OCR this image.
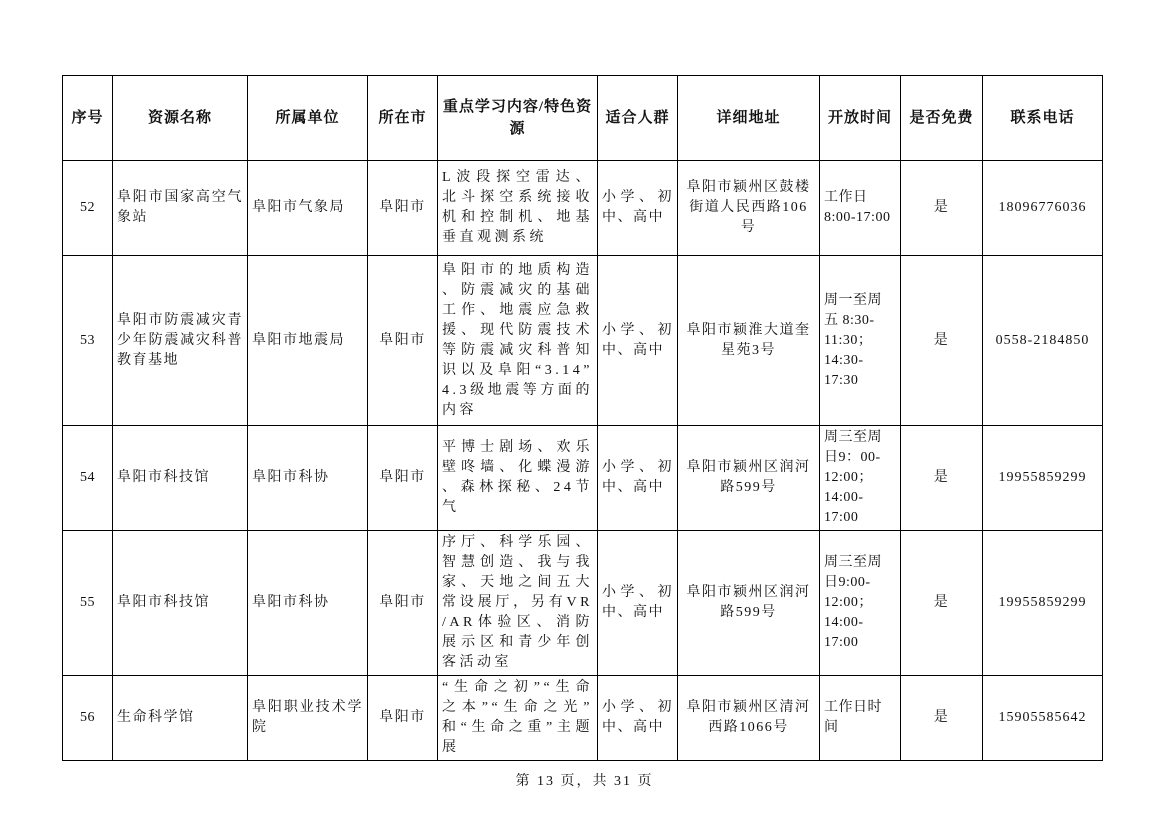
序号	资源名称	所属单位	所在市	重点学习内容/特色资源	适合人群	详细地址	开放时间	是否免费	联系电话
52	阜阳市国家高空气象站	阜阳市气象局	阜阳市	L波段探空雷达、北斗探空系统接收机和控制机、地基垂直观测系统	小学、初中、高中	阜阳市颍州区鼓楼街道人民西路106号	工作日 8:00-17:00	是	18096776036
53	阜阳市防震减灾青少年防震减灾科普教育基地	阜阳市地震局	阜阳市	阜阳市的地质构造、防震减灾的基础工作、地震应急救援、现代防震技术等防震减灾科普知识以及阜阳“3.14”4.3级地震等方面的内容	小学、初中、高中	阜阳市颍淮大道奎星苑3号	周一至周五 8:30-11:30；14:30-17:30	是	0558-2184850
54	阜阳市科技馆	阜阳市科协	阜阳市	平博士剧场、欢乐壁咚墙、化蝶漫游、森林探秘、24节气	小学、初中、高中	阜阳市颍州区润河路599号	周三至周日9：00-12:00；14:00-17:00	是	19955859299
55	阜阳市科技馆	阜阳市科协	阜阳市	序厅、科学乐园、智慧创造、我与我家、天地之间五大常设展厅，另有VR/AR体验区、消防展示区和青少年创客活动室	小学、初中、高中	阜阳市颍州区润河路599号	周三至周日9:00-12:00；14:00-17:00	是	19955859299
56	生命科学馆	阜阳职业技术学院	阜阳市	“生命之初”“生命之本”“生命之光”和“生命之重”主题展	小学、初中、高中	阜阳市颍州区清河西路1066号	工作日时间	是	15905585642
第 13 页，共 31 页
